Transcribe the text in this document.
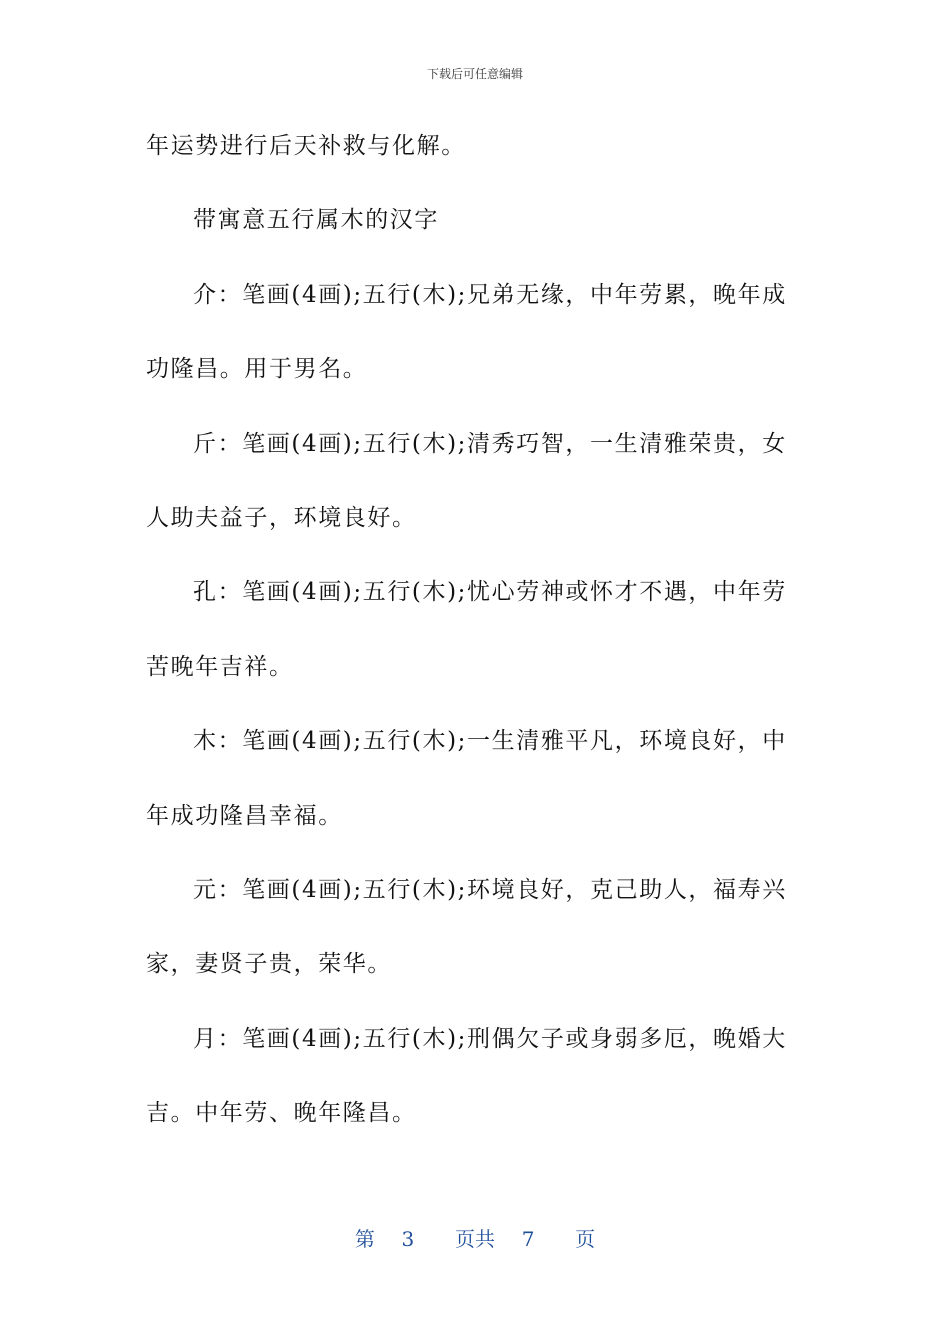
下载后可任意编辑
年运势进行后天补救与化解。
带寓意五行属木的汉字
介：笔画(4画);五行(木);兄弟无缘，中年劳累，晚年成
功隆昌。用于男名。
斤：笔画(4画);五行(木);清秀巧智，一生清雅荣贵，女
人助夫益子，环境良好。
孔：笔画(4画);五行(木);忧心劳神或怀才不遇，中年劳
苦晚年吉祥。
木：笔画(4画);五行(木);一生清雅平凡，环境良好，中
年成功隆昌幸福。
元：笔画(4画);五行(木);环境良好，克己助人，福寿兴
家，妻贤子贵，荣华。
月：笔画(4画);五行(木);刑偶欠子或身弱多厄，晚婚大
吉。中年劳、晚年隆昌。
第 3 页共 7 页
